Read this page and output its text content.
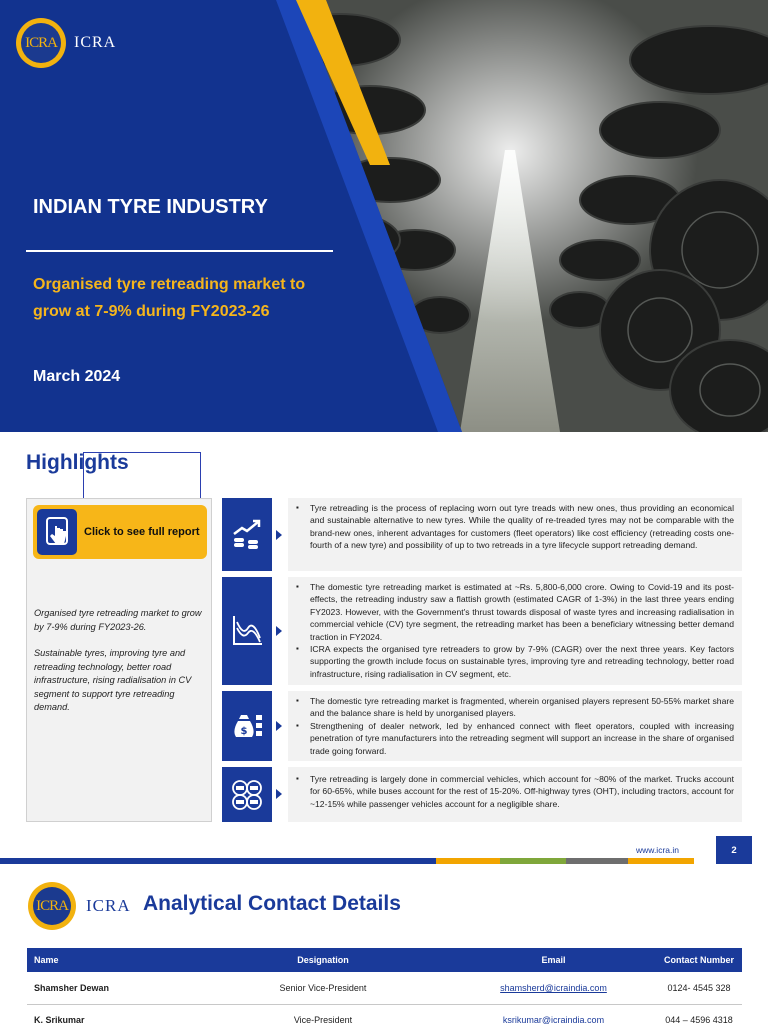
ICRA ICRA
INDIAN TYRE INDUSTRY
Organised tyre retreading market to grow at 7-9% during FY2023-26
March 2024
Highlights
Click to see full report

Organised tyre retreading market to grow by 7-9% during FY2023-26.

Sustainable tyres, improving tyre and retreading technology, better road infrastructure, rising radialisation in CV segment to support tyre retreading demand.

▪ Tyre retreading is the process of replacing worn out tyre treads with new ones, thus providing an economical and sustainable alternative to new tyres. While the quality of re-treaded tyres may not be comparable with the brand-new ones, inherent advantages for customers (fleet operators) like cost efficiency (retreading costs one-fourth of a new tyre) and possibility of up to two retreads in a tyre lifecycle support retreading demand.
▪ The domestic tyre retreading market is estimated at ~Rs. 5,800-6,000 crore. Owing to Covid-19 and its post-effects, the retreading industry saw a flattish growth (estimated CAGR of 1-3%) in the last three years ending FY2023. However, with the Government's thrust towards disposal of waste tyres and increasing radialisation in commercial vehicle (CV) tyre segment, the retreading market has been a beneficiary witnessing better demand traction in FY2024.
▪ ICRA expects the organised tyre retreaders to grow by 7-9% (CAGR) over the next three years. Key factors supporting the growth include focus on sustainable tyres, improving tyre and retreading technology, better road infrastructure, rising radialisation in CV segment, etc.
$
▪ The domestic tyre retreading market is fragmented, wherein organised players represent 50-55% market share and the balance share is held by unorganised players.
▪ Strengthening of dealer network, led by enhanced connect with fleet operators, coupled with increasing penetration of tyre manufacturers into the retreading segment will support an increase in the share of organised trade going forward.
▪ Tyre retreading is largely done in commercial vehicles, which account for ~80% of the market. Trucks account for 60-65%, while buses account for the rest of 15-20%. Off-highway tyres (OHT), including tractors, account for ~12-15% while passenger vehicles account for a negligible share.
www.icra.in	2
ICRA ICRA Analytical Contact Details
Name	Designation	Email	Contact Number
Shamsher Dewan	Senior Vice-President	shamsherd@icraindia.com	0124- 4545 328
K. Srikumar	Vice-President	ksrikumar@icraindia.com	044 – 4596 4318
